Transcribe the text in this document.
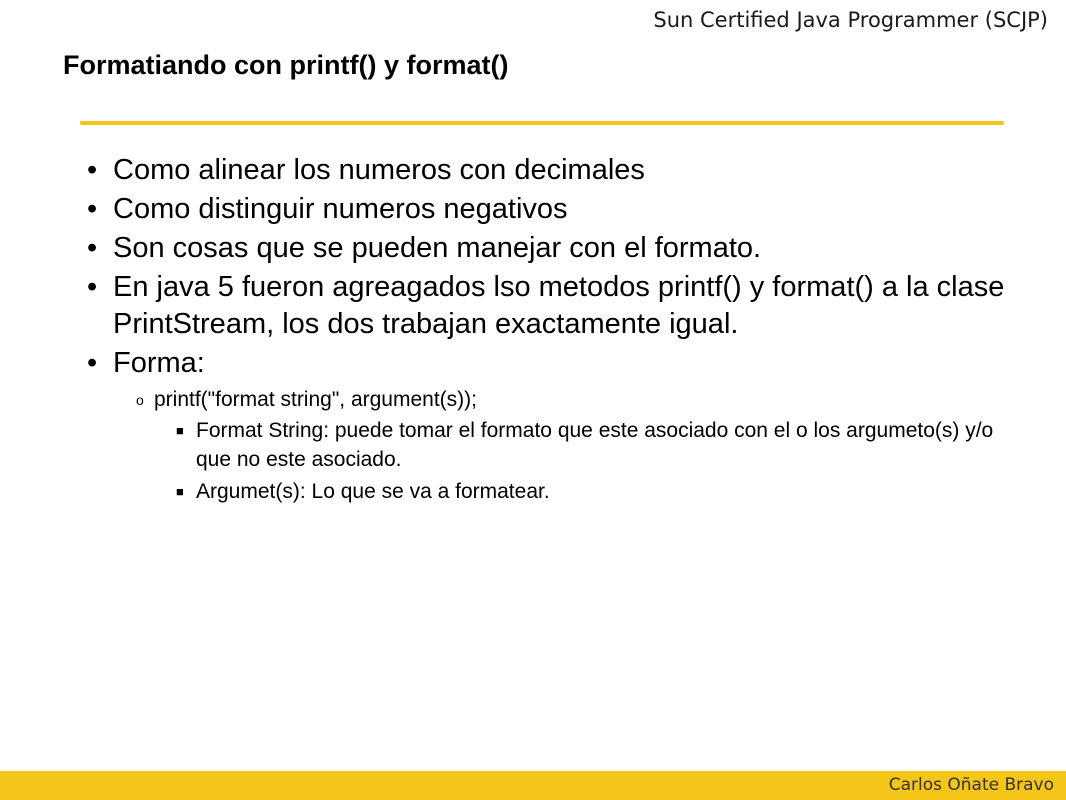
Sun Certified Java Programmer (SCJP)
Formatiando con printf() y format()
• Como alinear los numeros con decimales
• Como distinguir numeros negativos
• Son cosas que se pueden manejar con el formato.
• En java 5 fueron agreagados lso metodos printf() y format() a la clase PrintStream, los dos trabajan exactamente igual.
• Forma:
o printf("format string", argument(s));
■ Format String: puede tomar el formato que este asociado con el o los argumeto(s) y/o que no este asociado.
■ Argumet(s): Lo que se va a formatear.
Carlos Oñate Bravo
